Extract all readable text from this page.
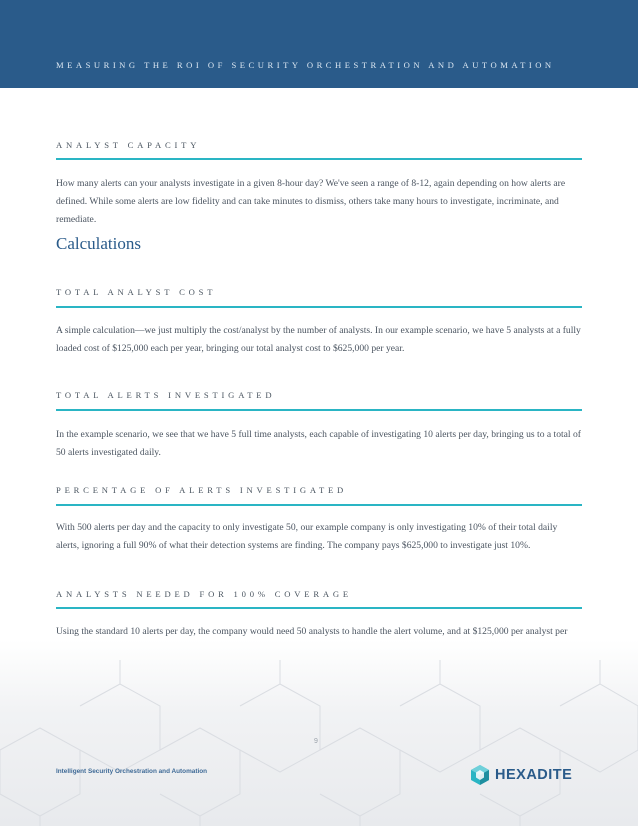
MEASURING THE ROI OF SECURITY ORCHESTRATION AND AUTOMATION
ANALYST CAPACITY

How many alerts can your analysts investigate in a given 8-hour day? We've seen a range of 8-12, again depending on how alerts are defined. While some alerts are low fidelity and can take minutes to dismiss, others take many hours to investigate, incriminate, and remediate.

Calculations
TOTAL ANALYST COST

A simple calculation—we just multiply the cost/analyst by the number of analysts. In our example scenario, we have 5 analysts at a fully loaded cost of $125,000 each per year, bringing our total analyst cost to $625,000 per year.

TOTAL ALERTS INVESTIGATED

In the example scenario, we see that we have 5 full time analysts, each capable of investigating 10 alerts per day, bringing us to a total of 50 alerts investigated daily.

PERCENTAGE OF ALERTS INVESTIGATED

With 500 alerts per day and the capacity to only investigate 50, our example company is only investigating 10% of their total daily alerts, ignoring a full 90% of what their detection systems are finding. The company pays $625,000 to investigate just 10%.

ANALYSTS NEEDED FOR 100% COVERAGE

Using the standard 10 alerts per day, the company would need 50 analysts to handle the alert volume, and at $125,000 per analyst per

9
Intelligent Security Orchestration and Automation	HEXADITE
